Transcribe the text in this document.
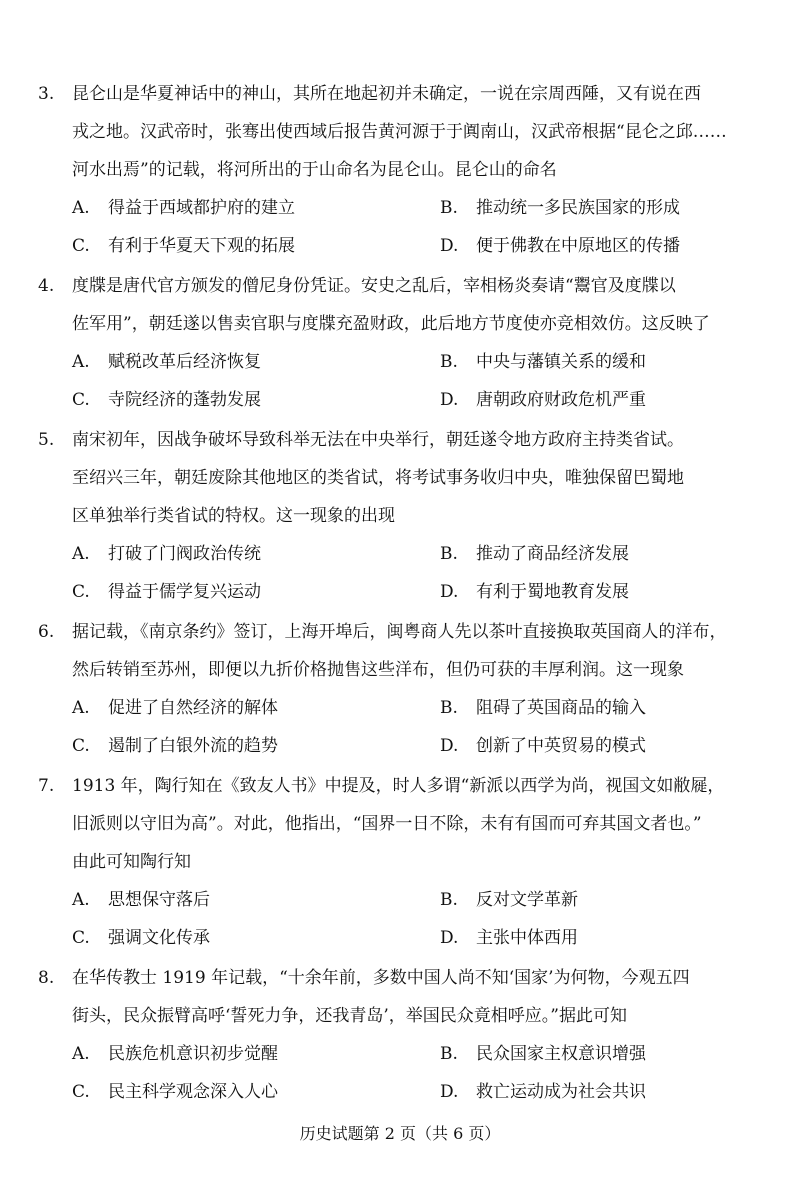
3. 昆仑山是华夏神话中的神山，其所在地起初并未确定，一说在宗周西陲，又有说在西
戎之地。汉武帝时，张骞出使西域后报告黄河源于于阗南山，汉武帝根据“昆仑之邱……
河水出焉”的记载，将河所出的于山命名为昆仑山。昆仑山的命名
A. 得益于西域都护府的建立	B. 推动统一多民族国家的形成
C. 有利于华夏天下观的拓展	D. 便于佛教在中原地区的传播
4. 度牒是唐代官方颁发的僧尼身份凭证。安史之乱后，宰相杨炎奏请“鬻官及度牒以
佐军用”，朝廷遂以售卖官职与度牒充盈财政，此后地方节度使亦竞相效仿。这反映了
A. 赋税改革后经济恢复	B. 中央与藩镇关系的缓和
C. 寺院经济的蓬勃发展	D. 唐朝政府财政危机严重
5. 南宋初年，因战争破坏导致科举无法在中央举行，朝廷遂令地方政府主持类省试。
至绍兴三年，朝廷废除其他地区的类省试，将考试事务收归中央，唯独保留巴蜀地
区单独举行类省试的特权。这一现象的出现
A. 打破了门阀政治传统	B. 推动了商品经济发展
C. 得益于儒学复兴运动	D. 有利于蜀地教育发展
6. 据记载，《南京条约》签订，上海开埠后，闽粤商人先以茶叶直接换取英国商人的洋布，
然后转销至苏州，即便以九折价格抛售这些洋布，但仍可获的丰厚利润。这一现象
A. 促进了自然经济的解体	B. 阻碍了英国商品的输入
C. 遏制了白银外流的趋势	D. 创新了中英贸易的模式
7. 1913 年，陶行知在《致友人书》中提及，时人多谓“新派以西学为尚，视国文如敝屣，
旧派则以守旧为高”。对此，他指出，“国界一日不除，未有有国而可弃其国文者也。”
由此可知陶行知
A. 思想保守落后	B. 反对文学革新
C. 强调文化传承	D. 主张中体西用
8. 在华传教士 1919 年记载，“十余年前，多数中国人尚不知‘国家’为何物，今观五四
街头，民众振臂高呼‘誓死力争，还我青岛’，举国民众竟相呼应。”据此可知
A. 民族危机意识初步觉醒	B. 民众国家主权意识增强
C. 民主科学观念深入人心	D. 救亡运动成为社会共识
历史试题第 2 页（共 6 页）
